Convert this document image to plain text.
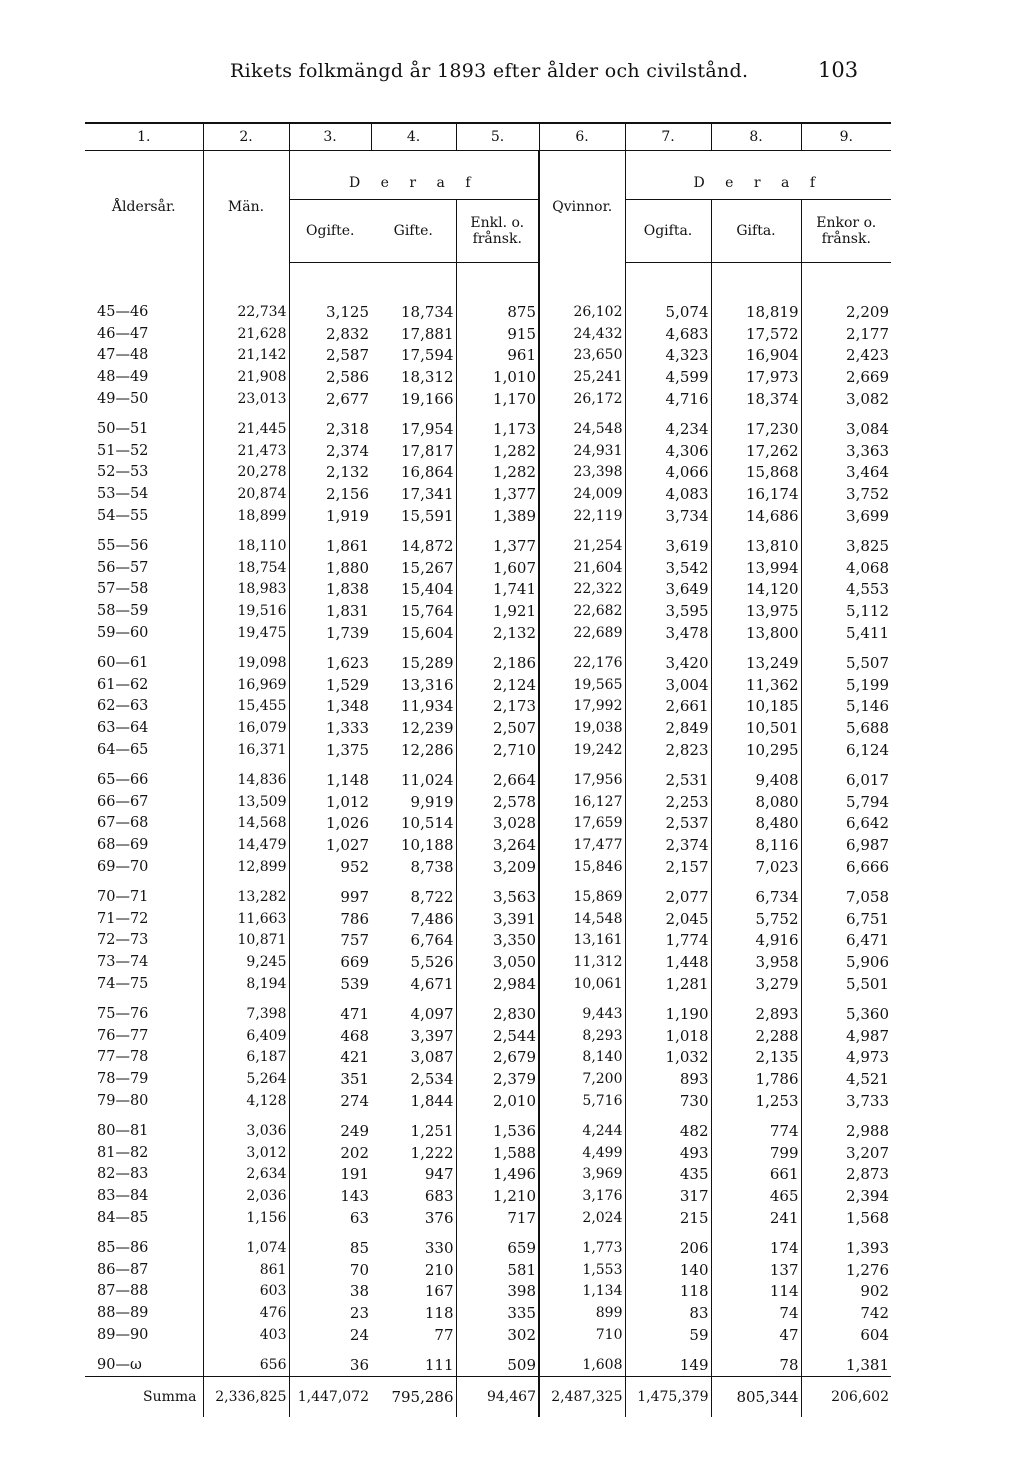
Rikets folkmängd år 1893 efter ålder och civilstånd.	103
1.	2.	3.	4.	5.	6.	7.	8.	9.
Åldersår.	Män.	D e r a f			Qvinnor.	D e r a f		
		Ogifte.	Gifte.	Enkl. o. frånsk.		Ogifta.	Gifta.	Enkor o. frånsk.

45—46	22,734	3,125	18,734	875	26,102	5,074	18,819	2,209
46—47	21,628	2,832	17,881	915	24,432	4,683	17,572	2,177
47—48	21,142	2,587	17,594	961	23,650	4,323	16,904	2,423
48—49	21,908	2,586	18,312	1,010	25,241	4,599	17,973	2,669
49—50	23,013	2,677	19,166	1,170	26,172	4,716	18,374	3,082

50—51	21,445	2,318	17,954	1,173	24,548	4,234	17,230	3,084
51—52	21,473	2,374	17,817	1,282	24,931	4,306	17,262	3,363
52—53	20,278	2,132	16,864	1,282	23,398	4,066	15,868	3,464
53—54	20,874	2,156	17,341	1,377	24,009	4,083	16,174	3,752
54—55	18,899	1,919	15,591	1,389	22,119	3,734	14,686	3,699

55—56	18,110	1,861	14,872	1,377	21,254	3,619	13,810	3,825
56—57	18,754	1,880	15,267	1,607	21,604	3,542	13,994	4,068
57—58	18,983	1,838	15,404	1,741	22,322	3,649	14,120	4,553
58—59	19,516	1,831	15,764	1,921	22,682	3,595	13,975	5,112
59—60	19,475	1,739	15,604	2,132	22,689	3,478	13,800	5,411

60—61	19,098	1,623	15,289	2,186	22,176	3,420	13,249	5,507
61—62	16,969	1,529	13,316	2,124	19,565	3,004	11,362	5,199
62—63	15,455	1,348	11,934	2,173	17,992	2,661	10,185	5,146
63—64	16,079	1,333	12,239	2,507	19,038	2,849	10,501	5,688
64—65	16,371	1,375	12,286	2,710	19,242	2,823	10,295	6,124

65—66	14,836	1,148	11,024	2,664	17,956	2,531	9,408	6,017
66—67	13,509	1,012	9,919	2,578	16,127	2,253	8,080	5,794
67—68	14,568	1,026	10,514	3,028	17,659	2,537	8,480	6,642
68—69	14,479	1,027	10,188	3,264	17,477	2,374	8,116	6,987
69—70	12,899	952	8,738	3,209	15,846	2,157	7,023	6,666

70—71	13,282	997	8,722	3,563	15,869	2,077	6,734	7,058
71—72	11,663	786	7,486	3,391	14,548	2,045	5,752	6,751
72—73	10,871	757	6,764	3,350	13,161	1,774	4,916	6,471
73—74	9,245	669	5,526	3,050	11,312	1,448	3,958	5,906
74—75	8,194	539	4,671	2,984	10,061	1,281	3,279	5,501

75—76	7,398	471	4,097	2,830	9,443	1,190	2,893	5,360
76—77	6,409	468	3,397	2,544	8,293	1,018	2,288	4,987
77—78	6,187	421	3,087	2,679	8,140	1,032	2,135	4,973
78—79	5,264	351	2,534	2,379	7,200	893	1,786	4,521
79—80	4,128	274	1,844	2,010	5,716	730	1,253	3,733

80—81	3,036	249	1,251	1,536	4,244	482	774	2,988
81—82	3,012	202	1,222	1,588	4,499	493	799	3,207
82—83	2,634	191	947	1,496	3,969	435	661	2,873
83—84	2,036	143	683	1,210	3,176	317	465	2,394
84—85	1,156	63	376	717	2,024	215	241	1,568

85—86	1,074	85	330	659	1,773	206	174	1,393
86—87	861	70	210	581	1,553	140	137	1,276
87—88	603	38	167	398	1,134	118	114	902
88—89	476	23	118	335	899	83	74	742
89—90	403	24	77	302	710	59	47	604

90—ω	656	36	111	509	1,608	149	78	1,381
Summa	2,336,825	1,447,072	795,286	94,467	2,487,325	1,475,379	805,344	206,602
